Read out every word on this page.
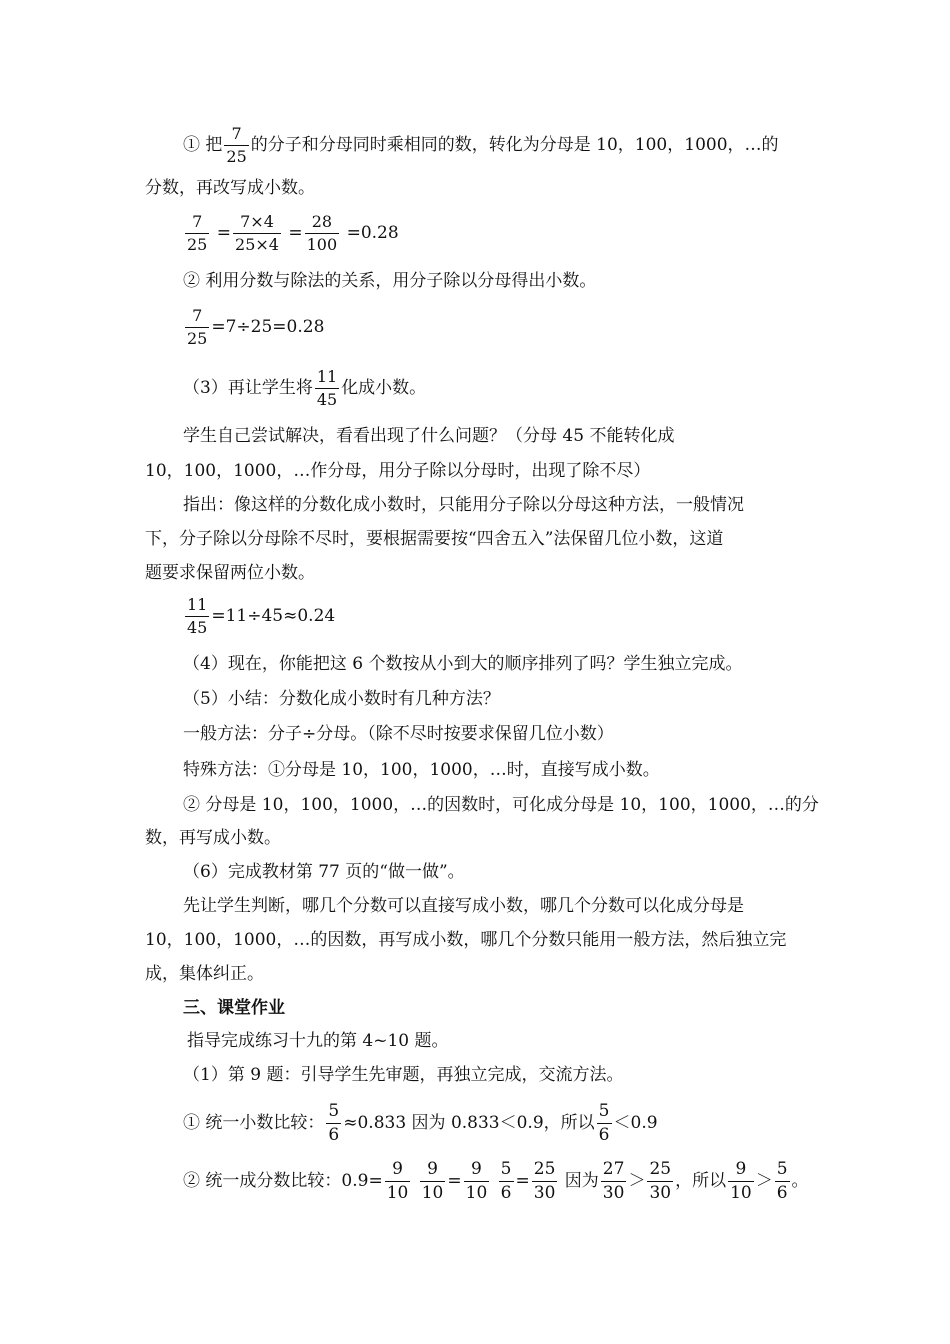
① 把 $\frac{7}{25}$ 的分子和分母同时乘相同的数，转化为分母是 10，100，1000，…的
分数，再改写成小数。
$\frac{7}{25} = \frac{7\times 4}{25\times 4} = \frac{28}{100} =0.28$
② 利用分数与除法的关系，用分子除以分母得出小数。
$\frac{7}{25} =7\div 25=0.28$
（3）再让学生将 $\frac{11}{45}$ 化成小数。
学生自己尝试解决，看看出现了什么问题？（分母 45 不能转化成
10，100，1000，…作分母，用分子除以分母时，出现了除不尽）
指出：像这样的分数化成小数时，只能用分子除以分母这种方法，一般情况
下，分子除以分母除不尽时，要根据需要按“四舍五入”法保留几位小数，这道
题要求保留两位小数。
$\frac{11}{45} =11\div 45\approx 0.24$
（4）现在，你能把这 6 个数按从小到大的顺序排列了吗？学生独立完成。
（5）小结：分数化成小数时有几种方法？
一般方法：分子÷分母。（除不尽时按要求保留几位小数）
特殊方法：①分母是 10，100，1000，…时，直接写成小数。
② 分母是 10，100，1000，…的因数时，可化成分母是 10，100，1000，…的分
数，再写成小数。
（6）完成教材第 77 页的“做一做”。
先让学生判断，哪几个分数可以直接写成小数，哪几个分数可以化成分母是
10，100，1000，…的因数，再写成小数，哪几个分数只能用一般方法，然后独立完
成，集体纠正。
三、课堂作业
指导完成练习十九的第 4~10 题。
（1）第 9 题：引导学生先审题，再独立完成，交流方法。
① 统一小数比较： $\frac{5}{6} \approx 0.833$ 因为 0.833＜0.9，所以 $\frac{5}{6} <0.9$
② 统一成分数比较：$0.9= \frac{9}{10}$
$\frac{9}{10} = \frac{9}{10}$
$\frac{5}{6} = \frac{25}{30}$ 因为 $\frac{27}{30} > \frac{25}{30}$ ，所以 $\frac{9}{10} > \frac{5}{6}$ 。
